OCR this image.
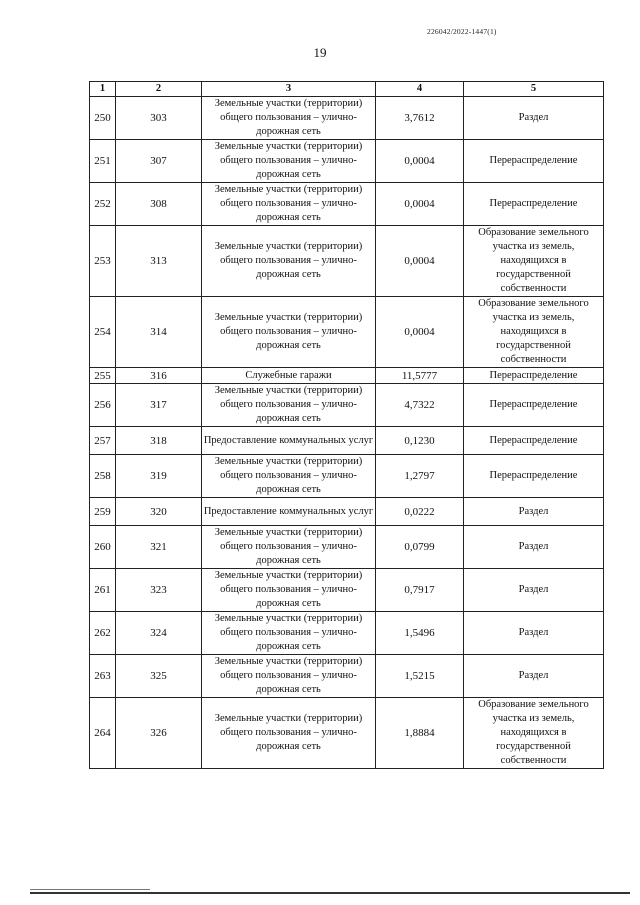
226042/2022-1447(1)
19
1	2	3	4	5
250	303	Земельные участки (территории) общего пользования – улично-дорожная сеть	3,7612	Раздел
251	307	Земельные участки (территории) общего пользования – улично-дорожная сеть	0,0004	Перераспределение
252	308	Земельные участки (территории) общего пользования – улично-дорожная сеть	0,0004	Перераспределение
253	313	Земельные участки (территории) общего пользования – улично-дорожная сеть	0,0004	Образование земельного участка из земель, находящихся в государственной собственности
254	314	Земельные участки (территории) общего пользования – улично-дорожная сеть	0,0004	Образование земельного участка из земель, находящихся в государственной собственности
255	316	Служебные гаражи	11,5777	Перераспределение
256	317	Земельные участки (территории) общего пользования – улично-дорожная сеть	4,7322	Перераспределение
257	318	Предоставление коммунальных услуг	0,1230	Перераспределение
258	319	Земельные участки (территории) общего пользования – улично-дорожная сеть	1,2797	Перераспределение
259	320	Предоставление коммунальных услуг	0,0222	Раздел
260	321	Земельные участки (территории) общего пользования – улично-дорожная сеть	0,0799	Раздел
261	323	Земельные участки (территории) общего пользования – улично-дорожная сеть	0,7917	Раздел
262	324	Земельные участки (территории) общего пользования – улично-дорожная сеть	1,5496	Раздел
263	325	Земельные участки (территории) общего пользования – улично-дорожная сеть	1,5215	Раздел
264	326	Земельные участки (территории) общего пользования – улично-дорожная сеть	1,8884	Образование земельного участка из земель, находящихся в государственной собственности
